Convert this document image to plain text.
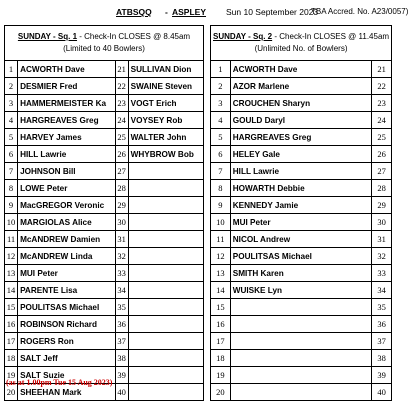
ATBSQQ - ASPLEY Sun 10 September 2023
TBA Accred. No. A23/0057)
SUNDAY - Sq. 1 - Check-In CLOSES @ 8.45am
(Limited to 40 Bowlers)			
1	ACWORTH Dave	21	SULLIVAN Dion
2	DESMIER Fred	22	SWAINE Steven
3	HAMMERMEISTER Ka	23	VOGT Erich
4	HARGREAVES Greg	24	VOYSEY Rob
5	HARVEY James	25	WALTER John
6	HILL Lawrie	26	WHYBROW Bob
7	JOHNSON Bill	27	
8	LOWE Peter	28	
9	MacGREGOR Veronic	29	
10	MARGIOLAS Alice	30	
11	McANDREW Damien	31	
12	McANDREW Linda	32	
13	MUI Peter	33	
14	PARENTE Lisa	34	
15	POULITSAS Michael	35	
16	ROBINSON Richard	36	
17	ROGERS Ron	37	
18	SALT Jeff	38	
19	SALT Suzie	39	
20	SHEEHAN Mark	40	
SUNDAY - Sq. 2 - Check-In CLOSES @ 11.45am
(Unlimited No. of Bowlers)		
1	ACWORTH Dave	21
2	AZOR Marlene	22
3	CROUCHEN Sharyn	23
4	GOULD Daryl	24
5	HARGREAVES Greg	25
6	HELEY Gale	26
7	HILL Lawrie	27
8	HOWARTH Debbie	28
9	KENNEDY Jamie	29
10	MUI Peter	30
11	NICOL Andrew	31
12	POULITSAS Michael	32
13	SMITH Karen	33
14	WUISKE Lyn	34
15		35
16		36
17		37
18		38
19		39
20		40
(as at 1.00pm Tue 15 Aug 2023)
